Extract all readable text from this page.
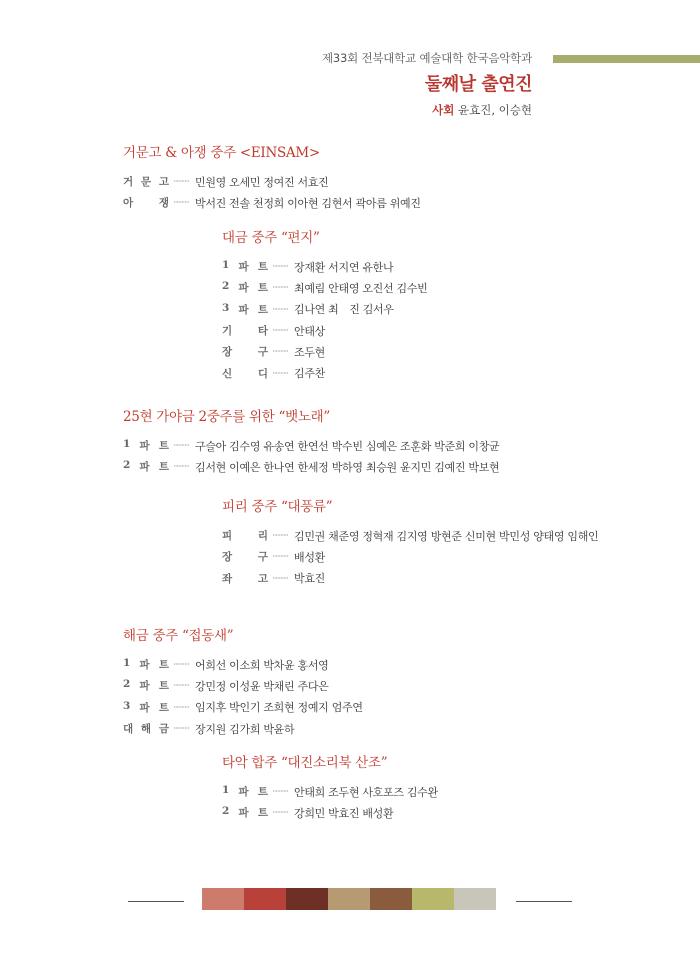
제33회 전북대학교 예술대학 한국음악학과
둘째날 출연진
사회 윤효진, 이승현
거문고 & 아쟁 중주 <EINSAM>
거 문 고 ·········· 민원영 오세민 정여진 서효진
아 쟁 ·········· 박서진 전솔 천정희 이아현 김현서 곽아름 위예진
대금 중주 “편지”
1 파 트 ·········· 장재환 서지연 유한나
2 파 트 ·········· 최예림 안태영 오진선 김수빈
3 파 트 ·········· 김나연 최　진 김서우
기 타 ·········· 안태상
장 구 ·········· 조두현
신 디 ·········· 김주찬
25현 가야금 2중주를 위한 “뱃노래”
1 파 트 ·········· 구슬아 김수영 유송연 한연선 박수빈 심예은 조훈화 박준희 이창균
2 파 트 ·········· 김서현 이예은 한나연 한세정 박하영 최승원 윤지민 김예진 박보현
피리 중주 “대풍류”
피 리 ·········· 김민권 채준영 정혁재 김지영 방현준 신미현 박민성 양태영 임해인
장 구 ·········· 배성환
좌 고 ·········· 박효진
해금 중주 “접동새”
1 파 트 ·········· 어희선 이소희 박차윤 홍서영
2 파 트 ·········· 강민정 이성윤 박채린 주다은
3 파 트 ·········· 임지후 박인기 조희현 정예지 엄주연
대 해 금 ·········· 장지원 김가희 박윤하
타악 합주 “대진소리북 산조”
1 파 트 ·········· 안태희 조두현 사호포즈 김수완
2 파 트 ·········· 강희민 박효진 배성환
